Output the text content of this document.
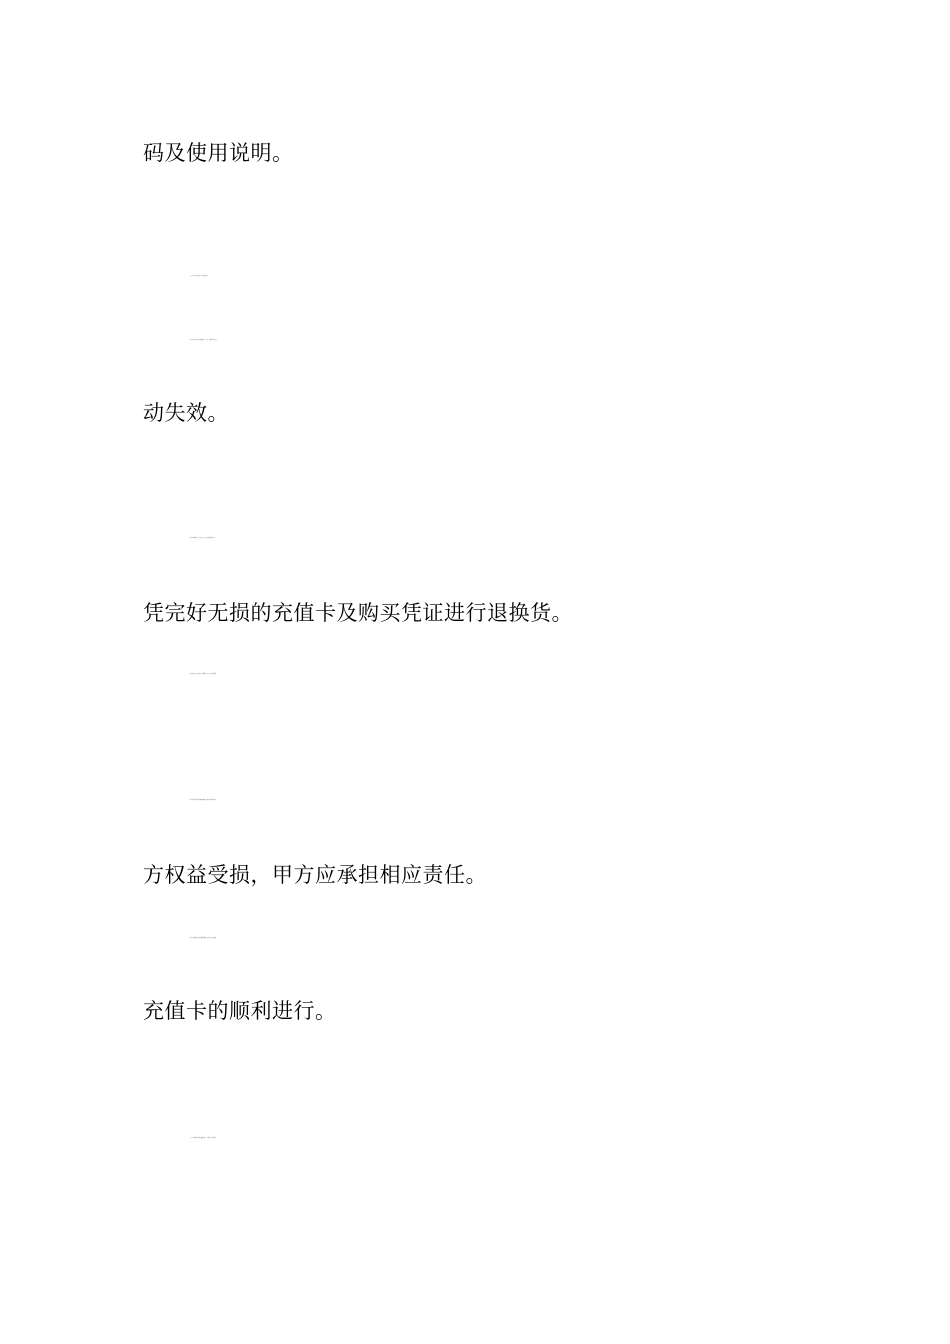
码及使用说明。
4.1 乙方应在甲方指定的平台上使用充值卡。
4.2 充值卡自购买之日起有效期为 12 个月，过期后充值卡将自
动失效。
5.1 甲方承诺自购买之日起七日内，如乙方不满意充值卡，可
凭完好无损的充值卡及购买凭证进行退换货。
5.2 如充值卡因乙方操作不当导致损坏，甲方不予接受退换货。
6.1 甲方保证充值卡的质量和使用权益，如因甲方原因导致乙
方权益受损，甲方应承担相应责任。
6.2 甲方应确保充值卡销售渠道的畅通，保证乙方购买及使用
充值卡的顺利进行。
7.1 乙方应按照甲方的规定使用充值卡，不得转让、转借或用
